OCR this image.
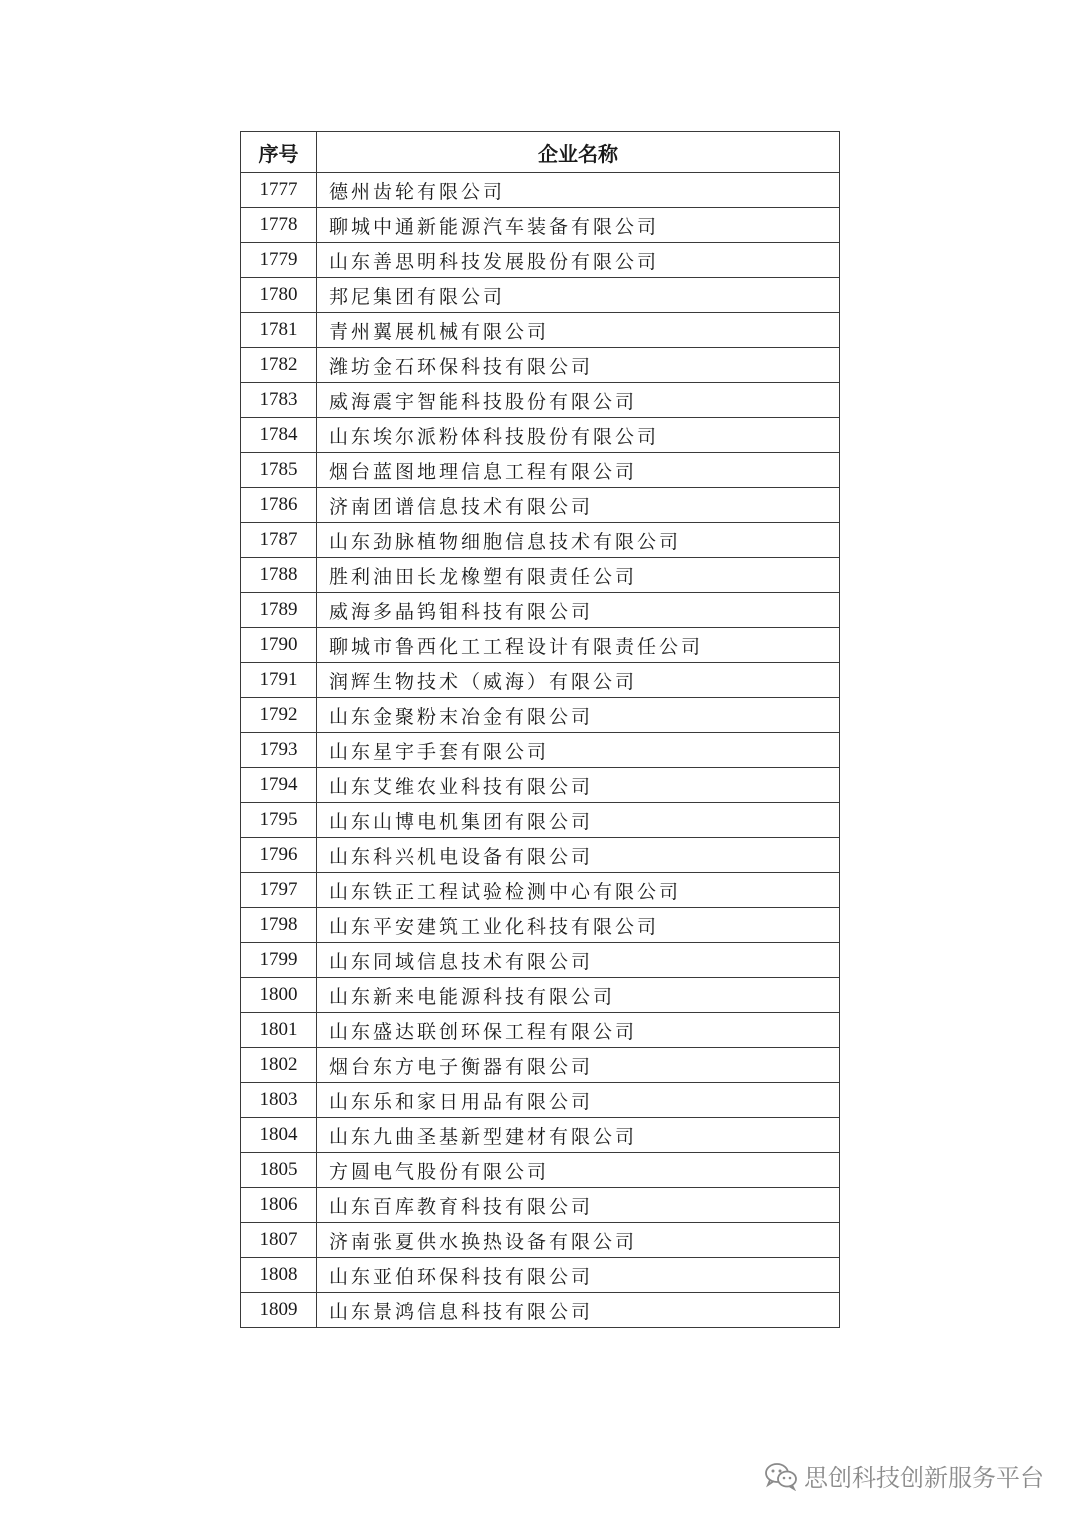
序号	企业名称
1777	德州齿轮有限公司
1778	聊城中通新能源汽车装备有限公司
1779	山东善思明科技发展股份有限公司
1780	邦尼集团有限公司
1781	青州翼展机械有限公司
1782	潍坊金石环保科技有限公司
1783	威海震宇智能科技股份有限公司
1784	山东埃尔派粉体科技股份有限公司
1785	烟台蓝图地理信息工程有限公司
1786	济南团谱信息技术有限公司
1787	山东劲脉植物细胞信息技术有限公司
1788	胜利油田长龙橡塑有限责任公司
1789	威海多晶钨钼科技有限公司
1790	聊城市鲁西化工工程设计有限责任公司
1791	润辉生物技术（威海）有限公司
1792	山东金聚粉末冶金有限公司
1793	山东星宇手套有限公司
1794	山东艾维农业科技有限公司
1795	山东山博电机集团有限公司
1796	山东科兴机电设备有限公司
1797	山东铁正工程试验检测中心有限公司
1798	山东平安建筑工业化科技有限公司
1799	山东同域信息技术有限公司
1800	山东新来电能源科技有限公司
1801	山东盛达联创环保工程有限公司
1802	烟台东方电子衡器有限公司
1803	山东乐和家日用品有限公司
1804	山东九曲圣基新型建材有限公司
1805	方圆电气股份有限公司
1806	山东百库教育科技有限公司
1807	济南张夏供水换热设备有限公司
1808	山东亚伯环保科技有限公司
1809	山东景鸿信息科技有限公司
思创科技创新服务平台
